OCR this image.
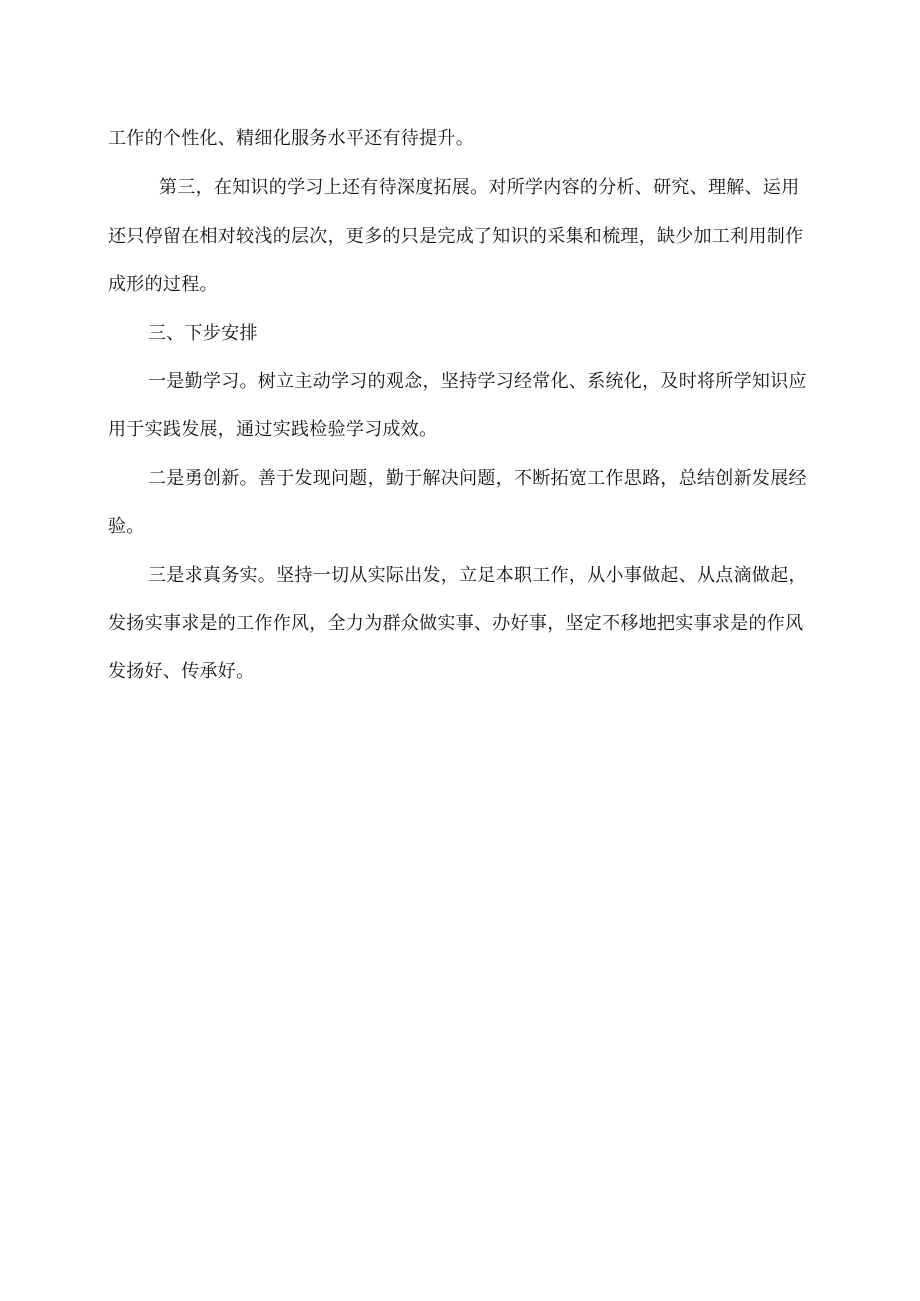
工作的个性化、精细化服务水平还有待提升。
第三，在知识的学习上还有待深度拓展。对所学内容的分析、研究、理解、运用
还只停留在相对较浅的层次，更多的只是完成了知识的采集和梳理，缺少加工利用制作
成形的过程。
三、下步安排
一是勤学习。树立主动学习的观念，坚持学习经常化、系统化，及时将所学知识应
用于实践发展，通过实践检验学习成效。
二是勇创新。善于发现问题，勤于解决问题，不断拓宽工作思路，总结创新发展经
验。
三是求真务实。坚持一切从实际出发，立足本职工作，从小事做起、从点滴做起，
发扬实事求是的工作作风，全力为群众做实事、办好事，坚定不移地把实事求是的作风
发扬好、传承好。
